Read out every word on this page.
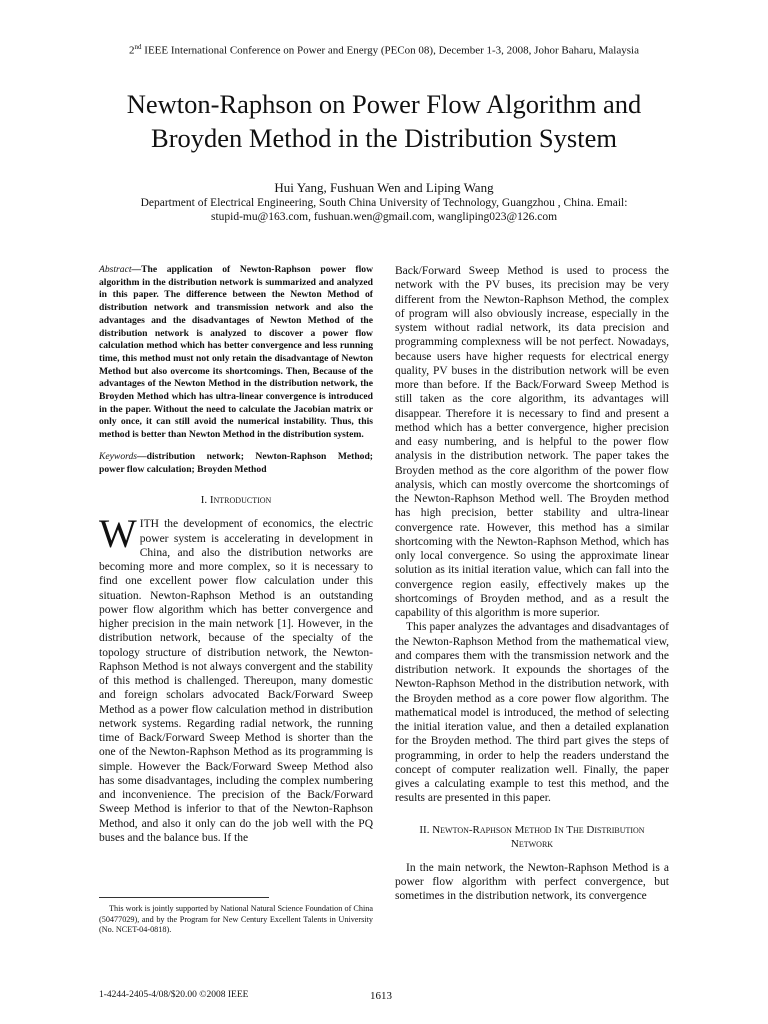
2nd IEEE International Conference on Power and Energy (PECon 08), December 1-3, 2008, Johor Baharu, Malaysia
Newton-Raphson on Power Flow Algorithm and
Broyden Method in the Distribution System
Hui Yang, Fushuan Wen and Liping Wang
Department of Electrical Engineering, South China University of Technology, Guangzhou , China. Email:
stupid-mu@163.com, fushuan.wen@gmail.com, wangliping023@126.com

Abstract—The application of Newton-Raphson power flow algorithm in the distribution network is summarized and analyzed in this paper. The difference between the Newton Method of distribution network and transmission network and also the advantages and the disadvantages of Newton Method of the distribution network is analyzed to discover a power flow calculation method which has better convergence and less running time, this method must not only retain the disadvantage of Newton Method but also overcome its shortcomings. Then, Because of the advantages of the Newton Method in the distribution network, the Broyden Method which has ultra-linear convergence is introduced in the paper. Without the need to calculate the Jacobian matrix or only once, it can still avoid the numerical instability. Thus, this method is better than Newton Method in the distribution system.

Keywords—distribution network; Newton-Raphson Method; power flow calculation; Broyden Method

I. Introduction

WITH the development of economics, the electric power system is accelerating in development in China, and also the distribution networks are becoming more and more complex, so it is necessary to find one excellent power flow calculation under this situation. Newton-Raphson Method is an outstanding power flow algorithm which has better convergence and higher precision in the main network [1]. However, in the distribution network, because of the specialty of the topology structure of distribution network, the Newton-Raphson Method is not always convergent and the stability of this method is challenged. Thereupon, many domestic and foreign scholars advocated Back/Forward Sweep Method as a power flow calculation method in distribution network systems. Regarding radial network, the running time of Back/Forward Sweep Method is shorter than the one of the Newton-Raphson Method as its programming is simple. However the Back/Forward Sweep Method also has some disadvantages, including the complex numbering and inconvenience. The precision of the Back/Forward Sweep Method is inferior to that of the Newton-Raphson Method, and also it only can do the job well with the PQ buses and the balance bus. If the

Back/Forward Sweep Method is used to process the network with the PV buses, its precision may be very different from the Newton-Raphson Method, the complex of program will also obviously increase, especially in the system without radial network, its data precision and programming complexness will be not perfect. Nowadays, because users have higher requests for electrical energy quality, PV buses in the distribution network will be even more than before. If the Back/Forward Sweep Method is still taken as the core algorithm, its advantages will disappear. Therefore it is necessary to find and present a method which has a better convergence, higher precision and easy numbering, and is helpful to the power flow analysis in the distribution network. The paper takes the Broyden method as the core algorithm of the power flow analysis, which can mostly overcome the shortcomings of the Newton-Raphson Method well. The Broyden method has high precision, better stability and ultra-linear convergence rate. However, this method has a similar shortcoming with the Newton-Raphson Method, which has only local convergence. So using the approximate linear solution as its initial iteration value, which can fall into the convergence region easily, effectively makes up the shortcomings of Broyden method, and as a result the capability of this algorithm is more superior.

This paper analyzes the advantages and disadvantages of the Newton-Raphson Method from the mathematical view, and compares them with the transmission network and the distribution network. It expounds the shortages of the Newton-Raphson Method in the distribution network, with the Broyden method as a core power flow algorithm. The mathematical model is introduced, the method of selecting the initial iteration value, and then a detailed explanation for the Broyden method. The third part gives the steps of programming, in order to help the readers understand the concept of computer realization well. Finally, the paper gives a calculating example to test this method, and the results are presented in this paper.

II. Newton-Raphson Method In The Distribution
Network

In the main network, the Newton-Raphson Method is a power flow algorithm with perfect convergence, but sometimes in the distribution network, its convergence

This work is jointly supported by National Natural Science Foundation of China (50477029), and by the Program for New Century Excellent Talents in University (No. NCET-04-0818).

1-4244-2405-4/08/$20.00 ©2008 IEEE	1613
